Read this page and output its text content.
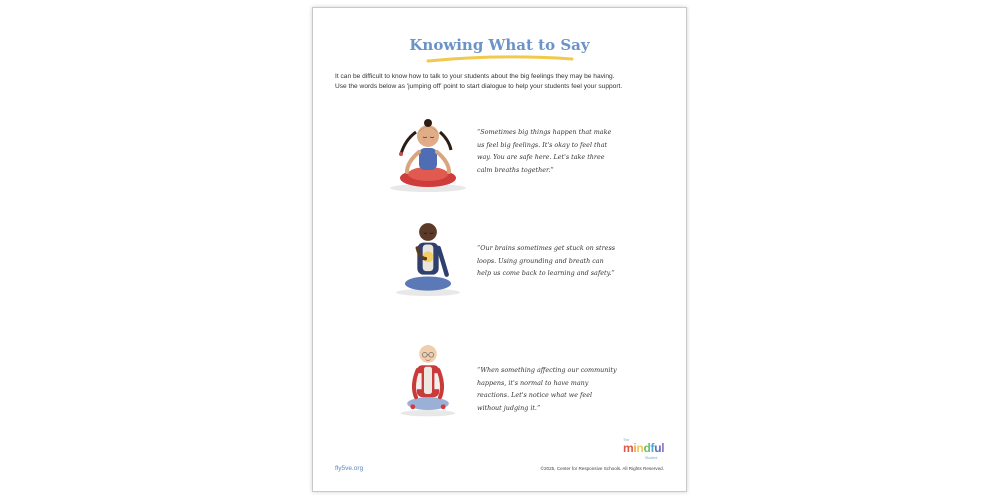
Knowing What to Say

It can be difficult to know how to talk to your students about the big feelings they may be having.

Use the words below as 'jumping off' point to start dialogue to help your students feel your support.

“Sometimes big things happen that make us feel big feelings. It's okay to feel that way. You are safe here. Let's take three calm breaths together.”
“Our brains sometimes get stuck on stress loops. Using grounding and breath can help us come back to learning and safety.”
“When something affecting our community happens, it's normal to have many reactions. Let's notice what we feel without judging it.”
The
mindful
Student
fly5ve.org	©2025, Center for Responsive Schools. All Rights Reserved.
